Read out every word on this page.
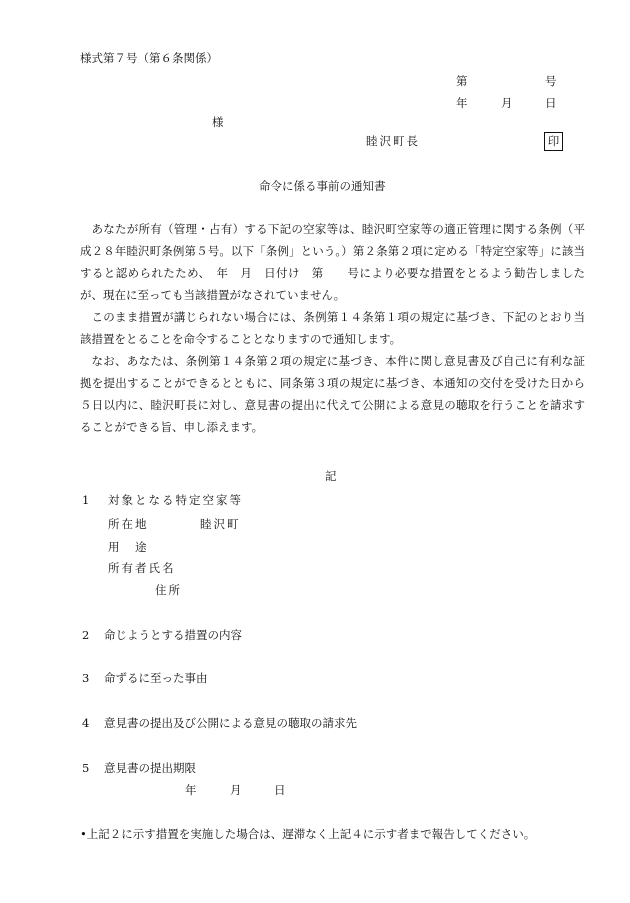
様式第７号（第６条関係）
第	号
年	月	日
様
睦沢町長	印
命令に係る事前の通知書
あなたが所有（管理・占有）する下記の空家等は、睦沢町空家等の適正管理に関する条例（平成２８年睦沢町条例第５号。以下「条例」という。）第２条第２項に定める「特定空家等」に該当すると認められたため、　年　月　日付け　第　　号により必要な措置をとるよう勧告しましたが、現在に至っても当該措置がなされていません。
このまま措置が講じられない場合には、条例第１４条第１項の規定に基づき、下記のとおり当該措置をとることを命令することとなりますので通知します。
なお、あなたは、条例第１４条第２項の規定に基づき、本件に関し意見書及び自己に有利な証拠を提出することができるとともに、同条第３項の規定に基づき、本通知の交付を受けた日から５日以内に、睦沢町長に対し、意見書の提出に代えて公開による意見の聴取を行うことを請求することができる旨、申し添えます。
記
1 対象となる特定空家等
所在地	睦沢町
用　途
所有者氏名
住所
2 命じようとする措置の内容
3 命ずるに至った事由
4 意見書の提出及び公開による意見の聴取の請求先
5 意見書の提出期限
年	月	日
•上記２に示す措置を実施した場合は、遅滞なく上記４に示す者まで報告してください。
